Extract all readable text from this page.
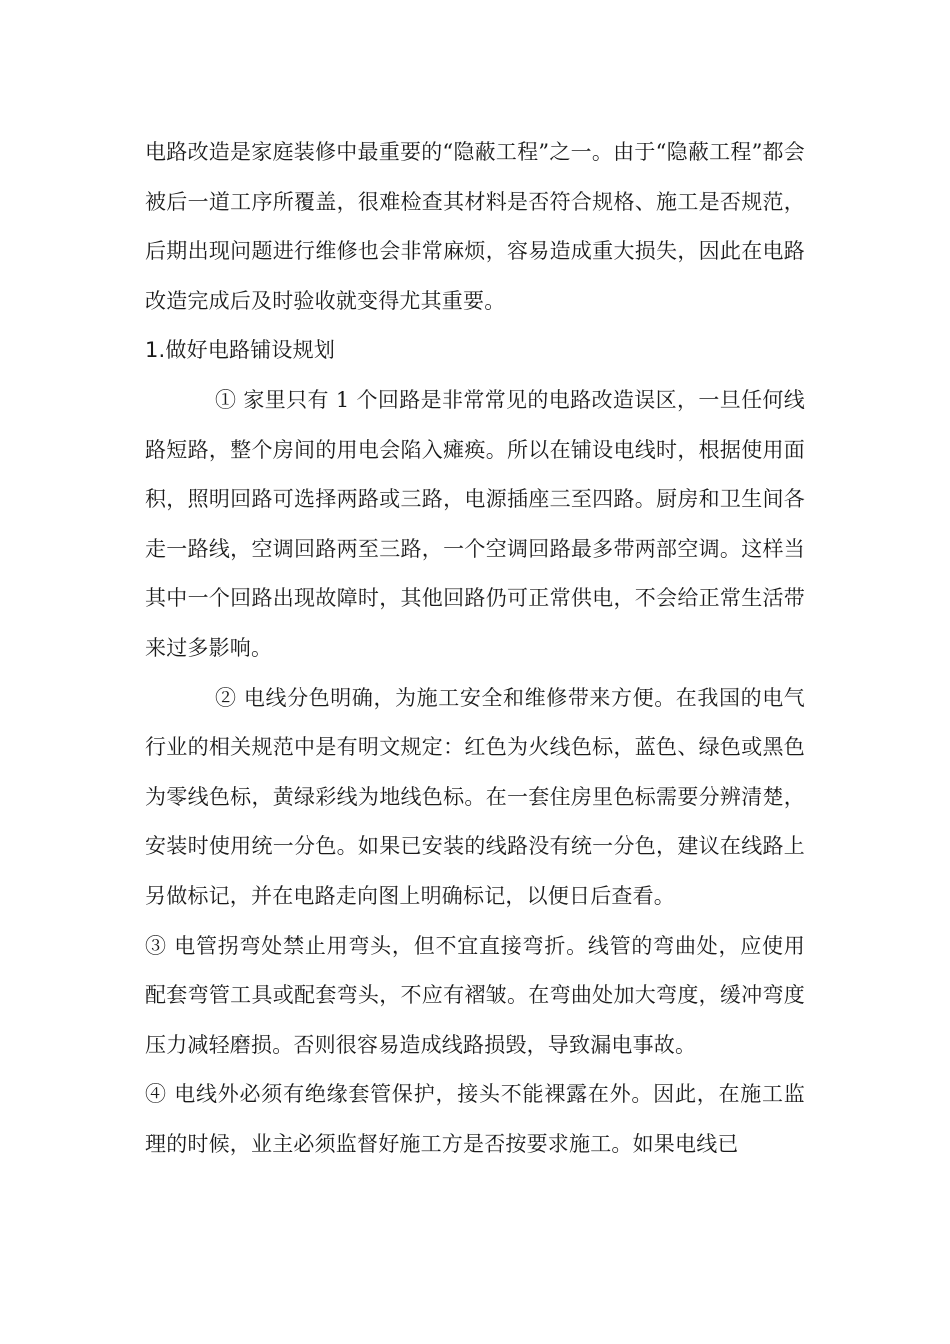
电路改造是家庭装修中最重要的“隐蔽工程”之一。由于“隐蔽工程”都会被后一道工序所覆盖，很难检查其材料是否符合规格、施工是否规范，后期出现问题进行维修也会非常麻烦，容易造成重大损失，因此在电路改造完成后及时验收就变得尤其重要。

1.做好电路铺设规划

① 家里只有 1 个回路是非常常见的电路改造误区，一旦任何线路短路，整个房间的用电会陷入瘫痪。所以在铺设电线时，根据使用面积，照明回路可选择两路或三路，电源插座三至四路。厨房和卫生间各走一路线，空调回路两至三路，一个空调回路最多带两部空调。这样当其中一个回路出现故障时，其他回路仍可正常供电，不会给正常生活带来过多影响。

② 电线分色明确，为施工安全和维修带来方便。在我国的电气行业的相关规范中是有明文规定：红色为火线色标，蓝色、绿色或黑色为零线色标，黄绿彩线为地线色标。在一套住房里色标需要分辨清楚，安装时使用统一分色。如果已安装的线路没有统一分色，建议在线路上另做标记，并在电路走向图上明确标记，以便日后查看。

③ 电管拐弯处禁止用弯头，但不宜直接弯折。线管的弯曲处，应使用配套弯管工具或配套弯头，不应有褶皱。在弯曲处加大弯度，缓冲弯度压力减轻磨损。否则很容易造成线路损毁，导致漏电事故。

④ 电线外必须有绝缘套管保护，接头不能裸露在外。因此，在施工监理的时候，业主必须监督好施工方是否按要求施工。如果电线已
